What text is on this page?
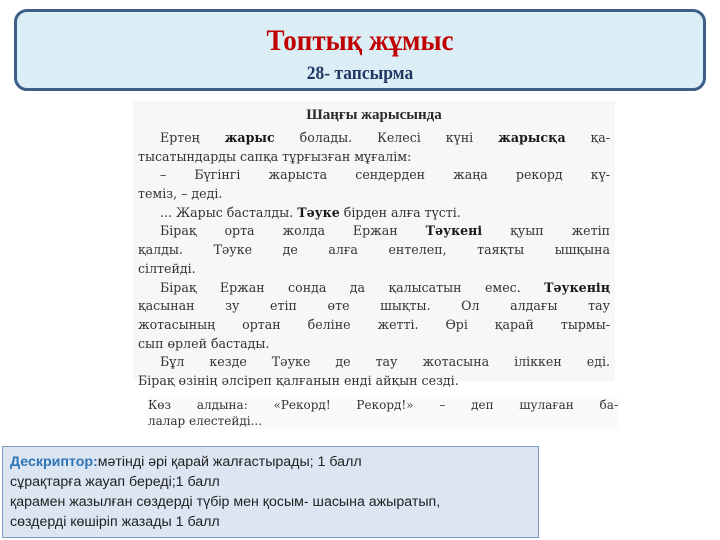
Топтық жұмыс
28- тапсырма
Шаңғы жарысында
Ертең жарыс болады. Келесі күні жарысқа қа-
тысатындарды сапқа тұрғызған мұғалім:
– Бүгінгі жарыста сендерден жаңа рекорд кү-
теміз, – деді.
... Жарыс басталды. Тәуке бірден алға түсті.
Бірақ орта жолда Ержан Тәукені қуып жетіп
қалды. Тәуке де алға ентелеп, таяқты ышқына
сілтейді.
Бірақ Ержан сонда да қалысатын емес. Тәукенің
қасынан зу етіп өте шықты. Ол алдағы тау
жотасының ортан беліне жетті. Өрі қарай тырмы-
сып өрлей бастады.
Бұл кезде Тәуке де тау жотасына іліккен еді.
Бірақ өзінің әлсіреп қалғанын енді айқын сезді.
Көз алдына: «Рекорд! Рекорд!» – деп шулаған ба-
лалар елестейді...
Дескриптор:мәтінді әрі қарай жалғастырады; 1 балл
сұрақтарға жауап береді;1 балл
қарамен жазылған сөздерді түбір мен қосым- шасына ажыратып,
сөздерді көшіріп жазады 1 балл
